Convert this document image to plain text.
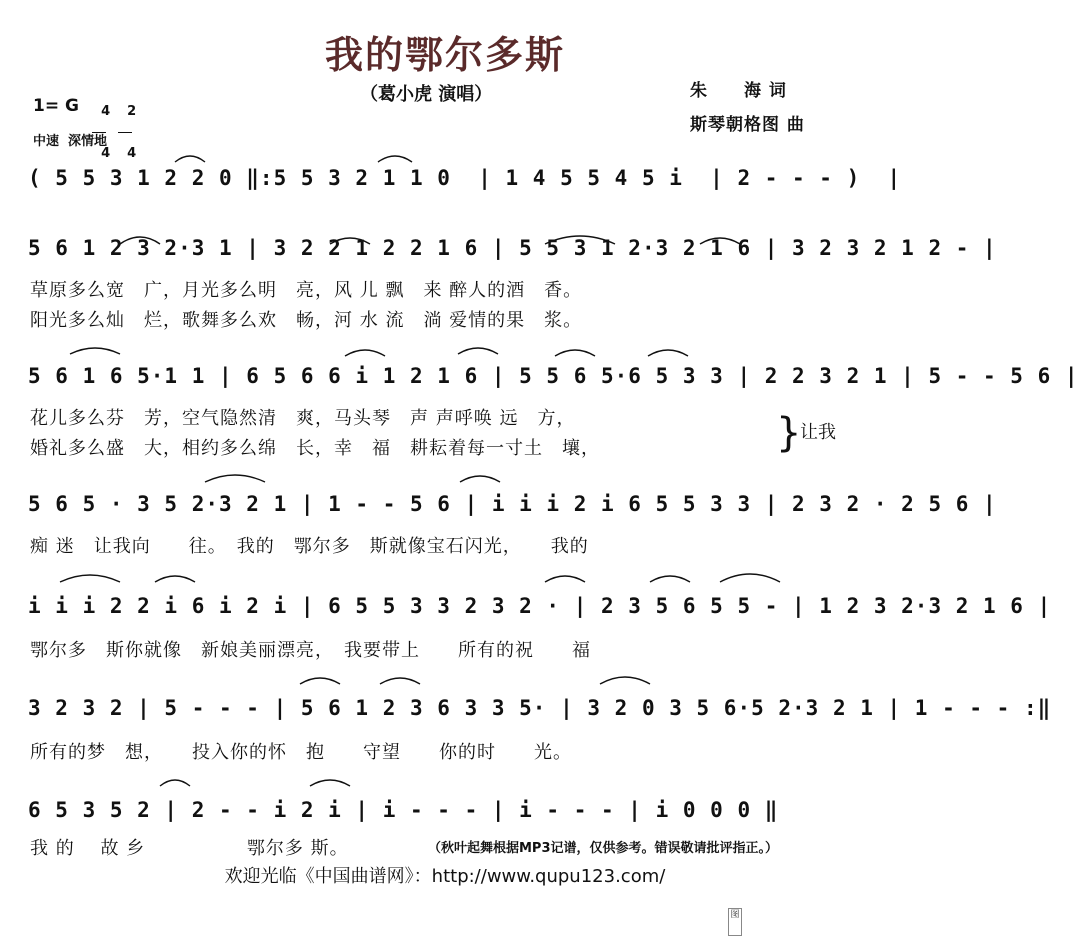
我的鄂尔多斯
（葛小虎 演唱）	朱　　海 词
斯琴朝格图 曲
1= G	4

4

2

4

中速  深情地
( 5 5 3 1 2 2 0 ‖:5 5 3 2 1 1 0  | 1 4 5 5 4 5 i  | 2 - - - )  |
5 6 1 2 3 2·3 1 | 3 2 2 1 2 2 1 6 | 5 5 3 1 2·3 2 1 6 | 3 2 3 2 1 2 - |
草原多么宽　广，月光多么明　亮，风 儿 飘　来 醉人的酒　香。
阳光多么灿　烂，歌舞多么欢　畅，河 水 流　淌 爱情的果　浆。
5 6 1 6 5·1 1 | 6 5 6 6 i 1 2 1 6 | 5 5 6 5·6 5 3 3 | 2 2 3 2 1 | 5 - - 5 6 |
花儿多么芬　芳，空气隐然清　爽，马头琴　声 声呼唤 远　方，
婚礼多么盛　大，相约多么绵　长，幸　福　耕耘着每一寸土　壤，	}
让我
5 6 5 · 3 5 2·3 2 1 | 1 - - 5 6 | i i i 2 i 6 5 5 3 3 | 2 3 2 · 2 5 6 |
痴 迷　让我向　　往。　我的　鄂尔多　斯就像宝石闪光，　　我的
i i i 2 2 i 6 i 2 i | 6 5 5 3 3 2 3 2 · | 2 3 5 6 5 5 - | 1 2 3 2·3 2 1 6 |
鄂尔多　斯你就像　新娘美丽漂亮，　我要带上　　所有的祝　　福
3 2 3 2 | 5 - - - | 5 6 1 2 3 6 3 3 5· | 3 2 0 3 5 6·5 2·3 2 1 | 1 - - - :‖
所有的梦　想，　　投入你的怀　抱　　守望　　你的时　　光。
6 5 3 5 2 | 2 - - i 2 i | i - - - | i - - - | i 0 0 0 ‖
我 的　 故 乡　　　　　 鄂尔多 斯。	（秋叶起舞根据MP3记谱，仅供参考。错误敬请批评指正。）
欢迎光临《中国曲谱网》：http://www.qupu123.com/
图
